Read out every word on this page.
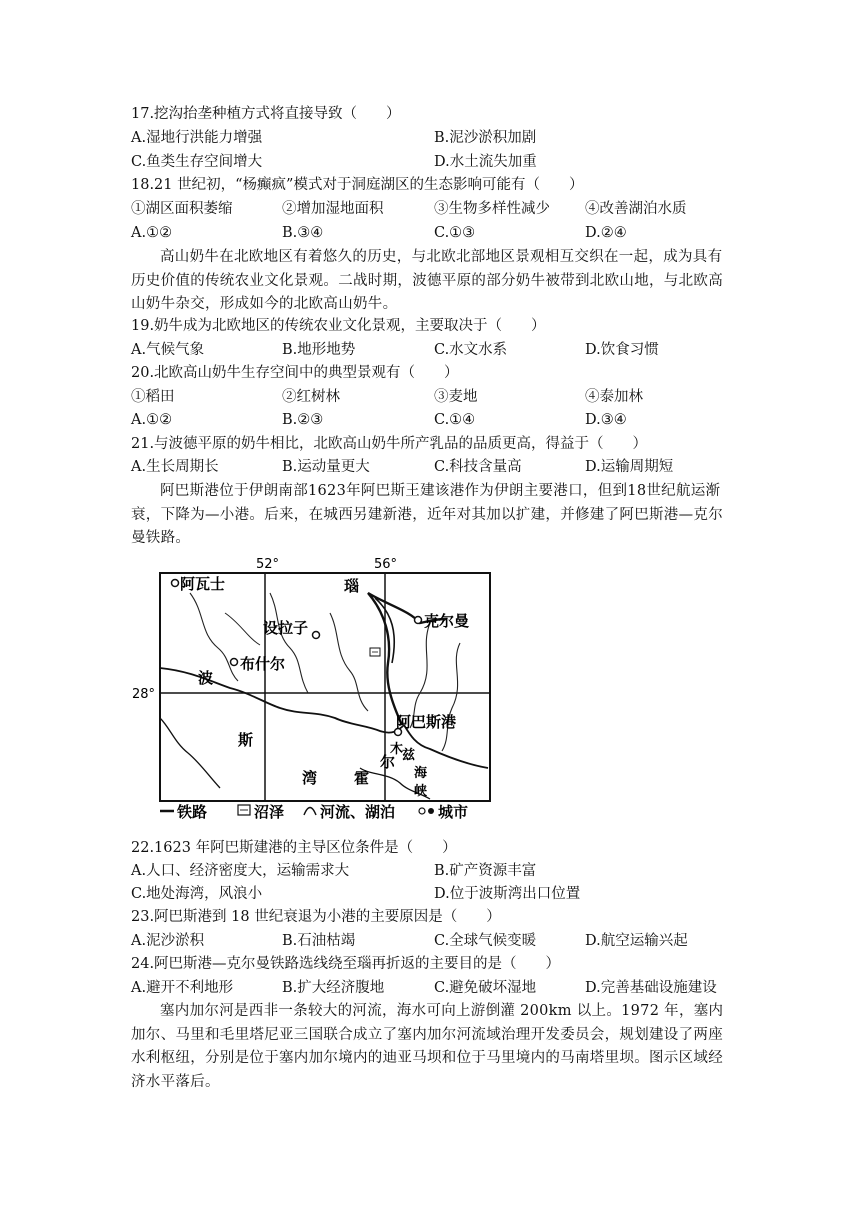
17.挖沟抬垄种植方式将直接导致（　　）
A.湿地行洪能力增强	B.泥沙淤积加剧
C.鱼类生存空间增大	D.水土流失加重
18.21 世纪初，“杨癫疯”模式对于洞庭湖区的生态影响可能有（　　）
①湖区面积萎缩	②增加湿地面积	③生物多样性减少 ④改善湖泊水质
A.①②	B.③④	C.①③	D.②④
高山奶牛在北欧地区有着悠久的历史，与北欧北部地区景观相互交织在一起，成为具有历史价值的传统农业文化景观。二战时期，波德平原的部分奶牛被带到北欧山地，与北欧高山奶牛杂交，形成如今的北欧高山奶牛。
19.奶牛成为北欧地区的传统农业文化景观，主要取决于（　　）
A.气候气象	B.地形地势	C.水文水系	D.饮食习惯
20.北欧高山奶牛生存空间中的典型景观有（　　）
①稻田	②红树林	③麦地	④泰加林
A.①②	B.②③	C.①④	D.③④
21.与波德平原的奶牛相比，北欧高山奶牛所产乳品的品质更高，得益于（　　）
A.生长周期长	B.运动量更大	C.科技含量高	D.运输周期短
阿巴斯港位于伊朗南部1623年阿巴斯王建该港作为伊朗主要港口，但到18世纪航运渐衰，下降为—小港。后来，在城西另建新港，近年对其加以扩建，并修建了阿巴斯港—克尔曼铁路。
阿瓦士
设拉子
布什尔
克尔曼
阿巴斯港
瑙
波
斯
湾 霍
尔
木
兹
海
峡
52°	56°
28°
铁路	沼泽 河流、湖泊	城市
22.1623 年阿巴斯建港的主导区位条件是（　　）
A.人口、经济密度大，运输需求大	B.矿产资源丰富
C.地处海湾，风浪小	D.位于波斯湾出口位置
23.阿巴斯港到 18 世纪衰退为小港的主要原因是（　　）
A.泥沙淤积	B.石油枯竭	C.全球气候变暖	D.航空运输兴起
24.阿巴斯港—克尔曼铁路选线绕至瑙再折返的主要目的是（　　）
A.避开不利地形	B.扩大经济腹地	C.避免破坏湿地	D.完善基础设施建设
塞内加尔河是西非一条较大的河流，海水可向上游倒灌 200km 以上。1972 年，塞内加尔、马里和毛里塔尼亚三国联合成立了塞内加尔河流域治理开发委员会，规划建设了两座水利枢纽，分别是位于塞内加尔境内的迪亚马坝和位于马里境内的马南塔里坝。图示区域经济水平落后。
